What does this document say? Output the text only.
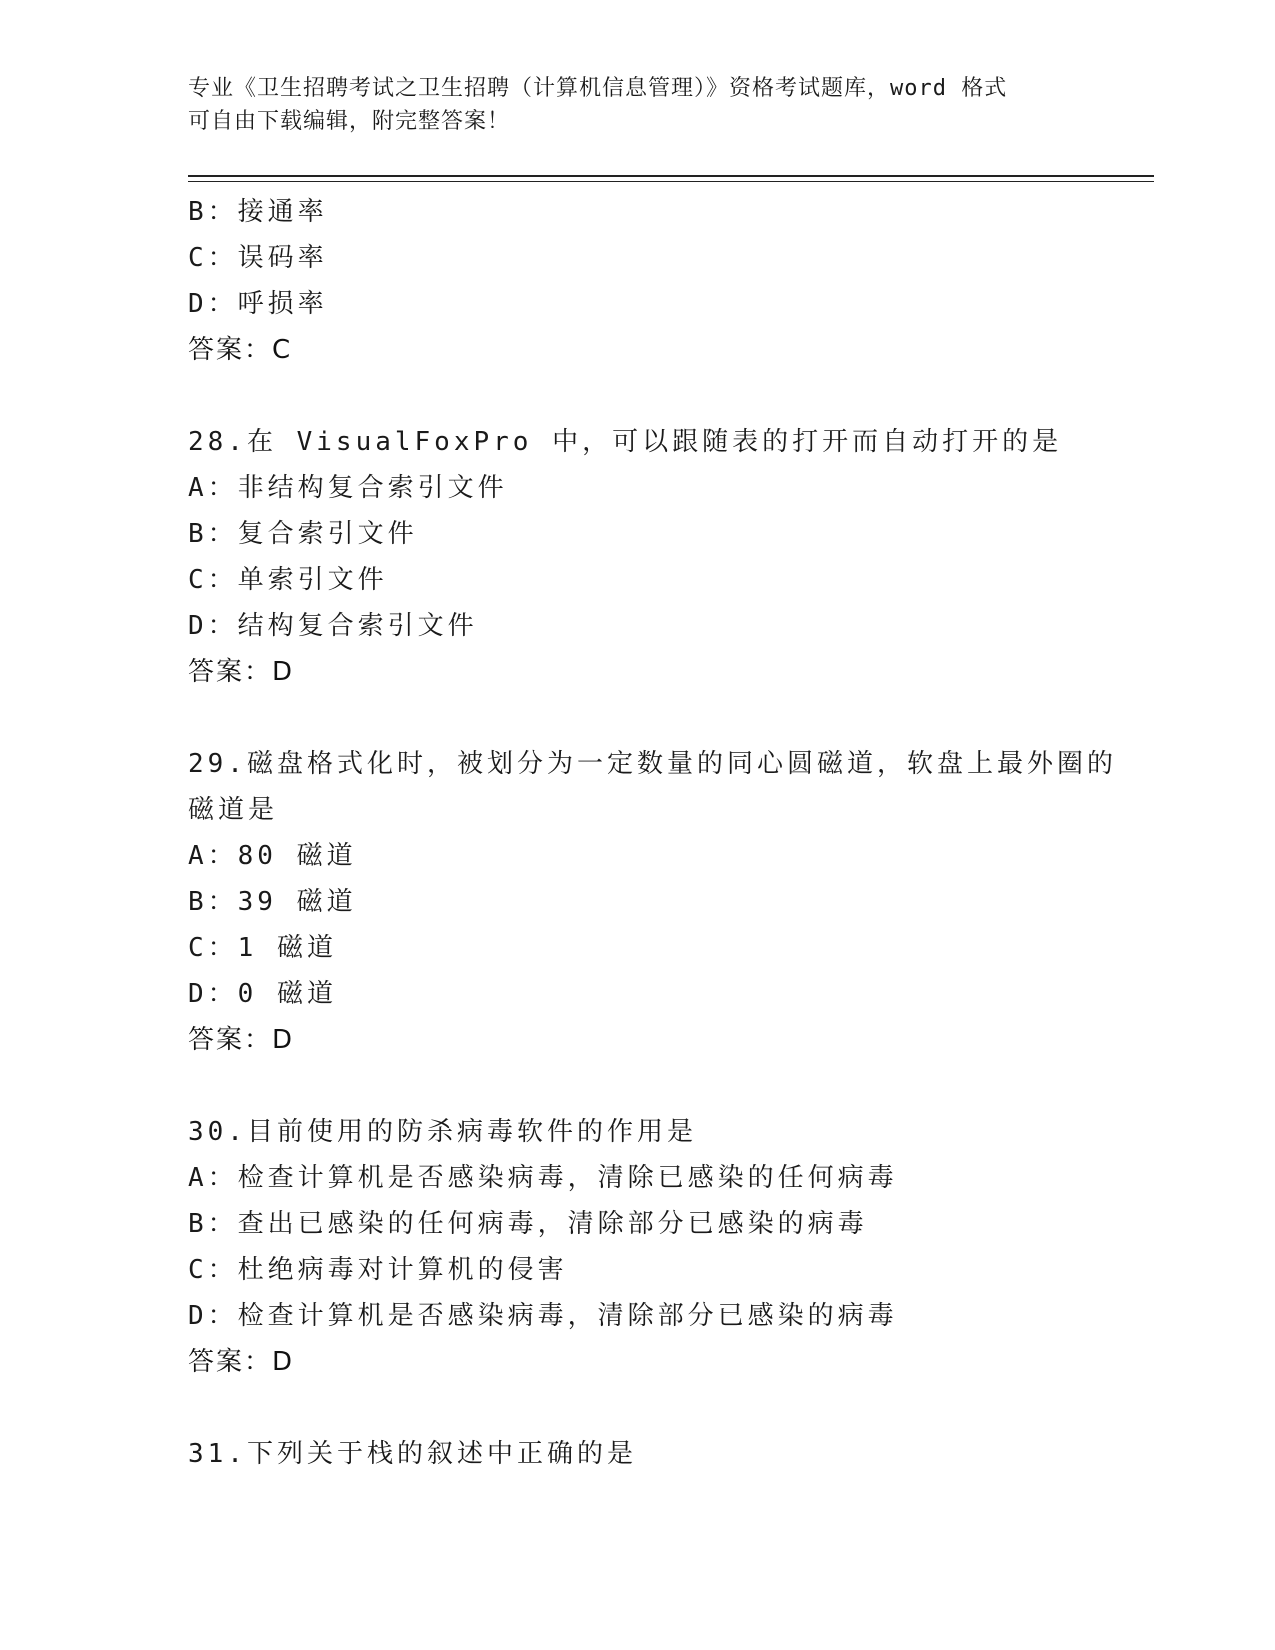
专业《卫生招聘考试之卫生招聘（计算机信息管理）》资格考试题库，word 格式
可自由下载编辑，附完整答案！
B：接通率
C：误码率
D：呼损率
答案：C
28.在 VisualFoxPro 中，可以跟随表的打开而自动打开的是
A：非结构复合索引文件
B：复合索引文件
C：单索引文件
D：结构复合索引文件
答案：D
29.磁盘格式化时，被划分为一定数量的同心圆磁道，软盘上最外圈的
磁道是
A：80 磁道
B：39 磁道
C：1 磁道
D：0 磁道
答案：D
30.目前使用的防杀病毒软件的作用是
A：检查计算机是否感染病毒，清除已感染的任何病毒
B：查出已感染的任何病毒，清除部分已感染的病毒
C：杜绝病毒对计算机的侵害
D：检查计算机是否感染病毒，清除部分已感染的病毒
答案：D
31.下列关于栈的叙述中正确的是
